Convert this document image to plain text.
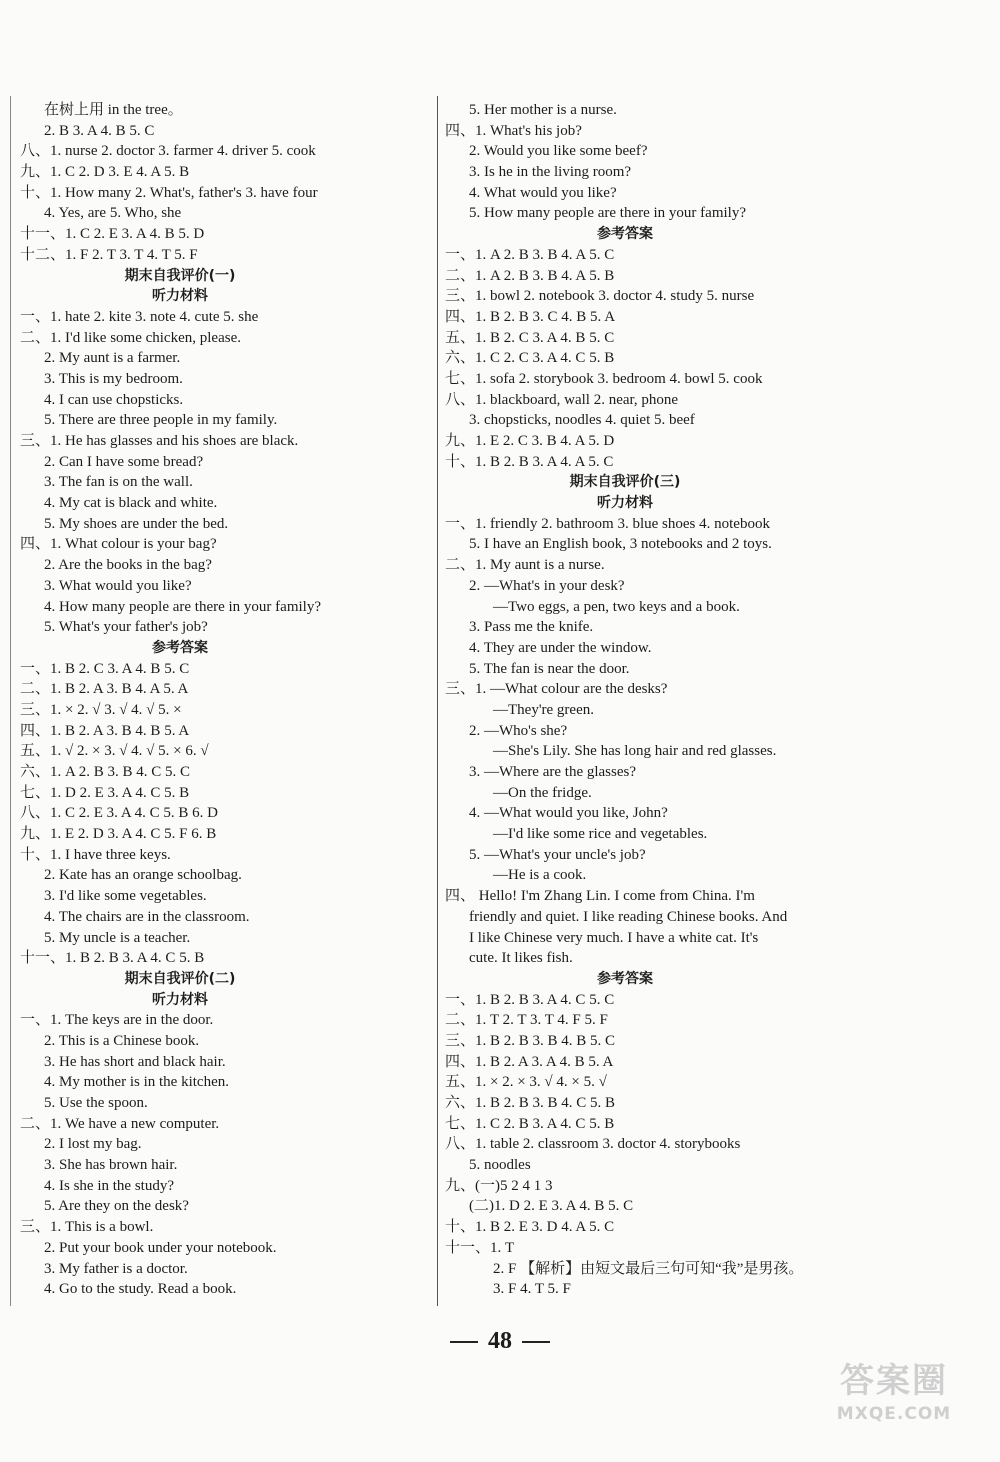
在树上用 in the tree。
2. B 3. A 4. B 5. C
八、1. nurse 2. doctor 3. farmer 4. driver 5. cook
九、1. C 2. D 3. E 4. A 5. B
十、1. How many 2. What's, father's 3. have four
4. Yes, are 5. Who, she
十一、1. C 2. E 3. A 4. B 5. D
十二、1. F 2. T 3. T 4. T 5. F
期末自我评价(一)
听力材料
一、1. hate 2. kite 3. note 4. cute 5. she
二、1. I'd like some chicken, please.
2. My aunt is a farmer.
3. This is my bedroom.
4. I can use chopsticks.
5. There are three people in my family.
三、1. He has glasses and his shoes are black.
2. Can I have some bread?
3. The fan is on the wall.
4. My cat is black and white.
5. My shoes are under the bed.
四、1. What colour is your bag?
2. Are the books in the bag?
3. What would you like?
4. How many people are there in your family?
5. What's your father's job?
参考答案
一、1. B 2. C 3. A 4. B 5. C
二、1. B 2. A 3. B 4. A 5. A
三、1. × 2. √ 3. √ 4. √ 5. ×
四、1. B 2. A 3. B 4. B 5. A
五、1. √ 2. × 3. √ 4. √ 5. × 6. √
六、1. A 2. B 3. B 4. C 5. C
七、1. D 2. E 3. A 4. C 5. B
八、1. C 2. E 3. A 4. C 5. B 6. D
九、1. E 2. D 3. A 4. C 5. F 6. B
十、1. I have three keys.
2. Kate has an orange schoolbag.
3. I'd like some vegetables.
4. The chairs are in the classroom.
5. My uncle is a teacher.
十一、1. B 2. B 3. A 4. C 5. B
期末自我评价(二)
听力材料
一、1. The keys are in the door.
2. This is a Chinese book.
3. He has short and black hair.
4. My mother is in the kitchen.
5. Use the spoon.
二、1. We have a new computer.
2. I lost my bag.
3. She has brown hair.
4. Is she in the study?
5. Are they on the desk?
三、1. This is a bowl.
2. Put your book under your notebook.
3. My father is a doctor.
4. Go to the study. Read a book.
5. Her mother is a nurse.
四、1. What's his job?
2. Would you like some beef?
3. Is he in the living room?
4. What would you like?
5. How many people are there in your family?
参考答案
一、1. A 2. B 3. B 4. A 5. C
二、1. A 2. B 3. B 4. A 5. B
三、1. bowl 2. notebook 3. doctor 4. study 5. nurse
四、1. B 2. B 3. C 4. B 5. A
五、1. B 2. C 3. A 4. B 5. C
六、1. C 2. C 3. A 4. C 5. B
七、1. sofa 2. storybook 3. bedroom 4. bowl 5. cook
八、1. blackboard, wall 2. near, phone
3. chopsticks, noodles 4. quiet 5. beef
九、1. E 2. C 3. B 4. A 5. D
十、1. B 2. B 3. A 4. A 5. C
期末自我评价(三)
听力材料
一、1. friendly 2. bathroom 3. blue shoes 4. notebook
5. I have an English book, 3 notebooks and 2 toys.
二、1. My aunt is a nurse.
2. —What's in your desk?
—Two eggs, a pen, two keys and a book.
3. Pass me the knife.
4. They are under the window.
5. The fan is near the door.
三、1. —What colour are the desks?
—They're green.
2. —Who's she?
—She's Lily. She has long hair and red glasses.
3. —Where are the glasses?
—On the fridge.
4. —What would you like, John?
—I'd like some rice and vegetables.
5. —What's your uncle's job?
—He is a cook.
四、 Hello! I'm Zhang Lin. I come from China. I'm
friendly and quiet. I like reading Chinese books. And
I like Chinese very much. I have a white cat. It's
cute. It likes fish.
参考答案
一、1. B 2. B 3. A 4. C 5. C
二、1. T 2. T 3. T 4. F 5. F
三、1. B 2. B 3. B 4. B 5. C
四、1. B 2. A 3. A 4. B 5. A
五、1. × 2. × 3. √ 4. × 5. √
六、1. B 2. B 3. B 4. C 5. B
七、1. C 2. B 3. A 4. C 5. B
八、1. table 2. classroom 3. doctor 4. storybooks
5. noodles
九、(一)5 2 4 1 3
(二)1. D 2. E 3. A 4. B 5. C
十、1. B 2. E 3. D 4. A 5. C
十一、1. T
2. F 【解析】由短文最后三句可知“我”是男孩。
3. F 4. T 5. F
48
答案圈
MXQE.COM
